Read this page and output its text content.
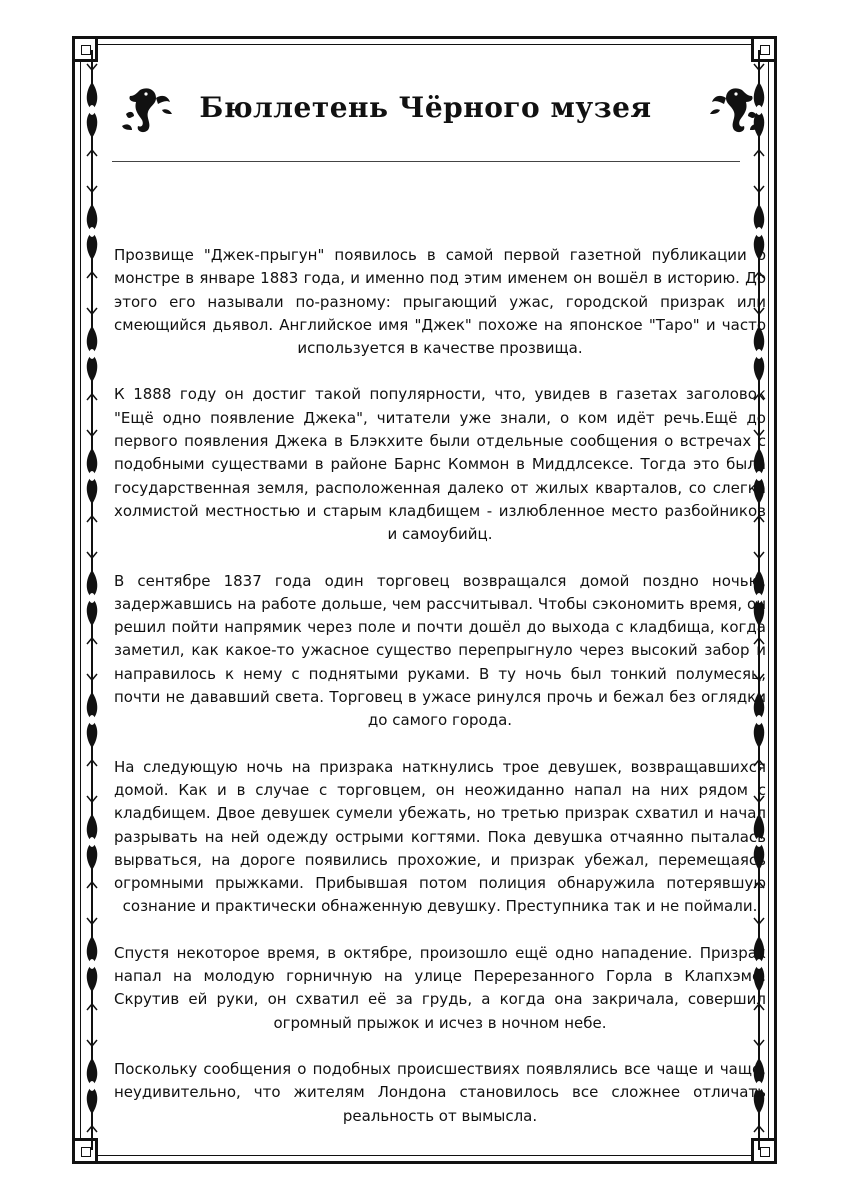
Бюллетень Чёрного музея

Прозвище "Джек-прыгун" появилось в самой первой газетной публикации о монстре в январе 1883 года, и именно под этим именем он вошёл в историю. До этого его называли по-разному: прыгающий ужас, городской призрак или смеющийся дьявол. Английское имя "Джек" похоже на японское "Таро" и часто используется в качестве прозвища.

К 1888 году он достиг такой популярности, что, увидев в газетах заголовок "Ещё одно появление Джека", читатели уже знали, о ком идёт речь.Ещё до первого появления Джека в Блэкхите были отдельные сообщения о встречах с подобными существами в районе Барнс Коммон в Миддлсексе. Тогда это была государственная земля, расположенная далеко от жилых кварталов, со слегка холмистой местностью и старым кладбищем - излюбленное место разбойников и самоубийц.

В сентябре 1837 года один торговец возвращался домой поздно ночью, задержавшись на работе дольше, чем рассчитывал. Чтобы сэкономить время, он решил пойти напрямик через поле и почти дошёл до выхода с кладбища, когда заметил, как какое-то ужасное существо перепрыгнуло через высокий забор и направилось к нему с поднятыми руками. В ту ночь был тонкий полумесяц, почти не дававший света. Торговец в ужасе ринулся прочь и бежал без оглядки до самого города.

На следующую ночь на призрака наткнулись трое девушек, возвращавшихся домой. Как и в случае с торговцем, он неожиданно напал на них рядом с кладбищем. Двое девушек сумели убежать, но третью призрак схватил и начал разрывать на ней одежду острыми когтями. Пока девушка отчаянно пыталась вырваться, на дороге появились прохожие, и призрак убежал, перемещаясь огромными прыжками. Прибывшая потом полиция обнаружила потерявшую сознание и практически обнаженную девушку. Преступника так и не поймали.

Спустя некоторое время, в октябре, произошло ещё одно нападение. Призрак напал на молодую горничную на улице Перерезанного Горла в Клапхэме. Скрутив ей руки, он схватил её за грудь, а когда она закричала, совершил огромный прыжок и исчез в ночном небе.

Поскольку сообщения о подобных происшествиях появлялись все чаще и чаще, неудивительно, что жителям Лондона становилось все сложнее отличать реальность от вымысла.
